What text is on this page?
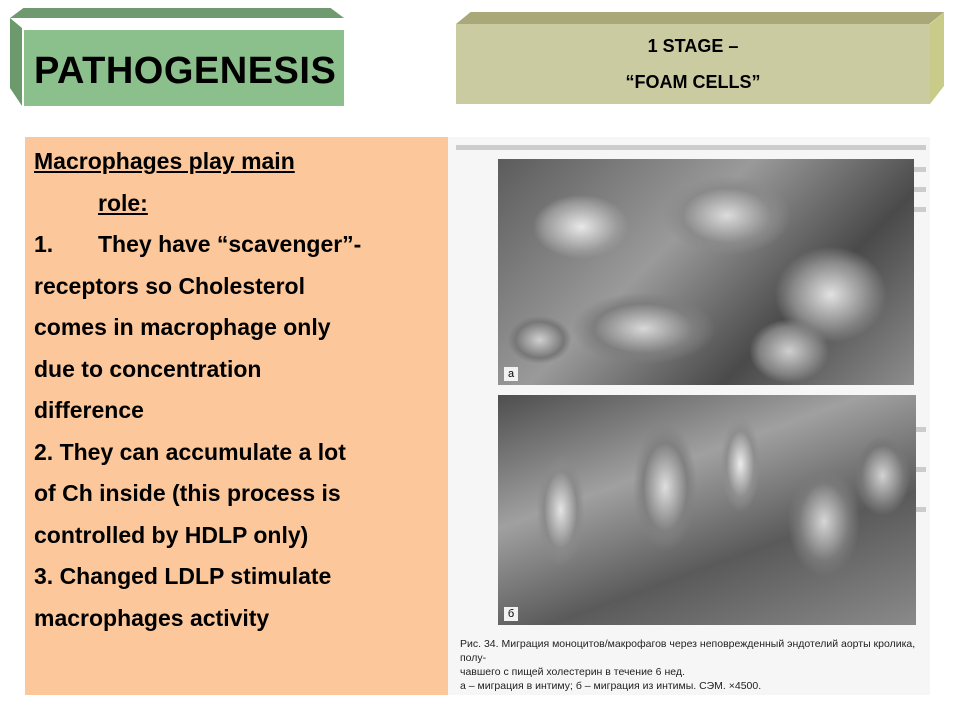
PATHOGENESIS
1 STAGE –
“FOAM CELLS”
Macrophages play main
role:
1. They have “scavenger”-
receptors so Cholesterol
comes in macrophage only
due to concentration
difference
2. They can accumulate a lot
of Ch inside (this process is
controlled by HDLP only)
3. Changed LDLP stimulate
macrophages activity
а
б
Рис. 34. Миграция моноцитов/макрофагов через неповрежденный эндотелий аорты кролика, полу-
чавшего с пищей холестерин в течение 6 нед.
а – миграция в интиму; б – миграция из интимы. СЭМ. ×4500.
